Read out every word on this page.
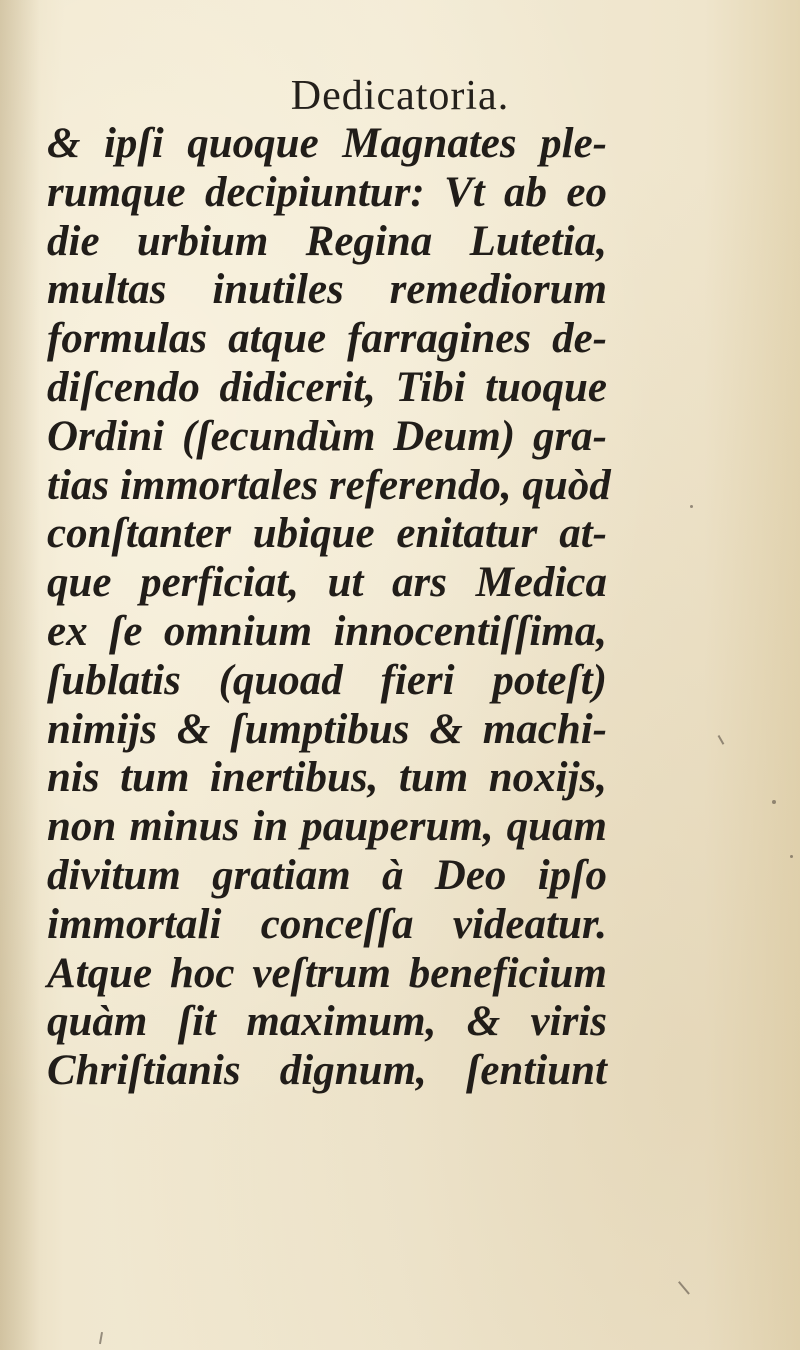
Dedicatoria.
& ipſi quoque Magnates ple-
rumque decipiuntur: Vt ab eo
die urbium Regina Lutetia,
multas inutiles remediorum
formulas atque farragines de-
diſcendo didicerit, Tibi tuoque
Ordini (ſecundùm Deum) gra-
tias immortales referendo, quòd
conſtanter ubique enitatur at-
que perficiat, ut ars Medica
ex ſe omnium innocentiſſima,
ſublatis (quoad fieri poteſt)
nimijs & ſumptibus & machi-
nis tum inertibus, tum noxijs,
non minus in pauperum, quam
divitum gratiam à Deo ipſo
immortali conceſſa videatur.
Atque hoc veſtrum beneficium
quàm ſit maximum, & viris
Chriſtianis dignum, ſentiunt
